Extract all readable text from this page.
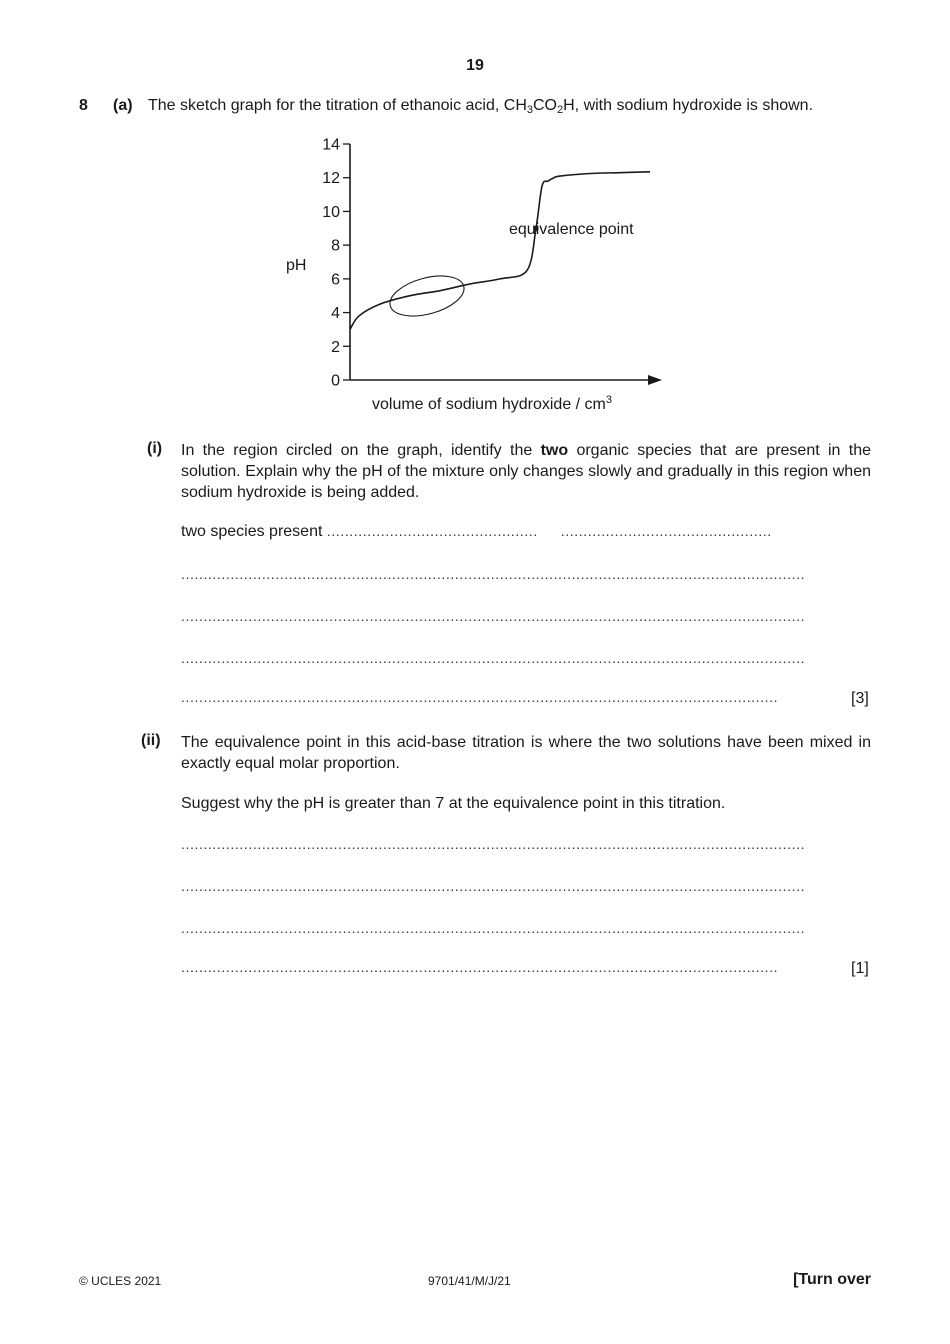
19
8 (a) The sketch graph for the titration of ethanoic acid, $CH_3CO_2H$, with sodium hydroxide is shown.
0
2
4
6
8
10
12
14
equivalence point
pH
volume of sodium hydroxide / $cm^3$
(i) In the region circled on the graph, identify the two organic species that are present in the solution. Explain why the pH of the mixture only changes slowly and gradually in this region when sodium hydroxide is being added.
two species present ............................................... ...............................................
...........................................................................................................................................
...........................................................................................................................................
...........................................................................................................................................
.....................................................................................................................................	[3]
(ii) The equivalence point in this acid-base titration is where the two solutions have been mixed in exactly equal molar proportion.
Suggest why the pH is greater than 7 at the equivalence point in this titration.
...........................................................................................................................................
...........................................................................................................................................
...........................................................................................................................................
.....................................................................................................................................	[1]
© UCLES 2021	9701/41/M/J/21	[Turn over
